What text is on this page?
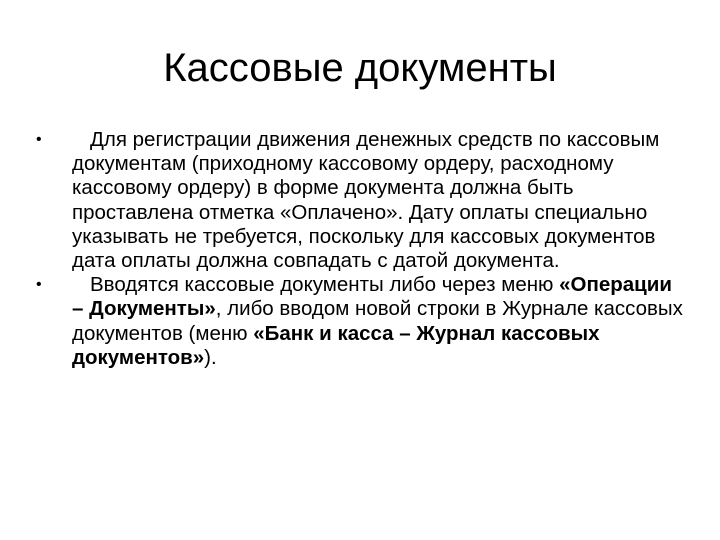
Кассовые документы
•	Для регистрации движения денежных средств по кассовым документам (приходному кассовому ордеру, расходному кассовому ордеру) в форме документа должна быть проставлена отметка «Оплачено». Дату оплаты специально указывать не требуется, поскольку для кассовых документов дата оплаты должна совпадать с датой документа.
•	Вводятся кассовые документы либо через меню «Операции – Документы», либо вводом новой строки в Журнале кассовых документов (меню «Банк и касса – Журнал кассовых документов»).
